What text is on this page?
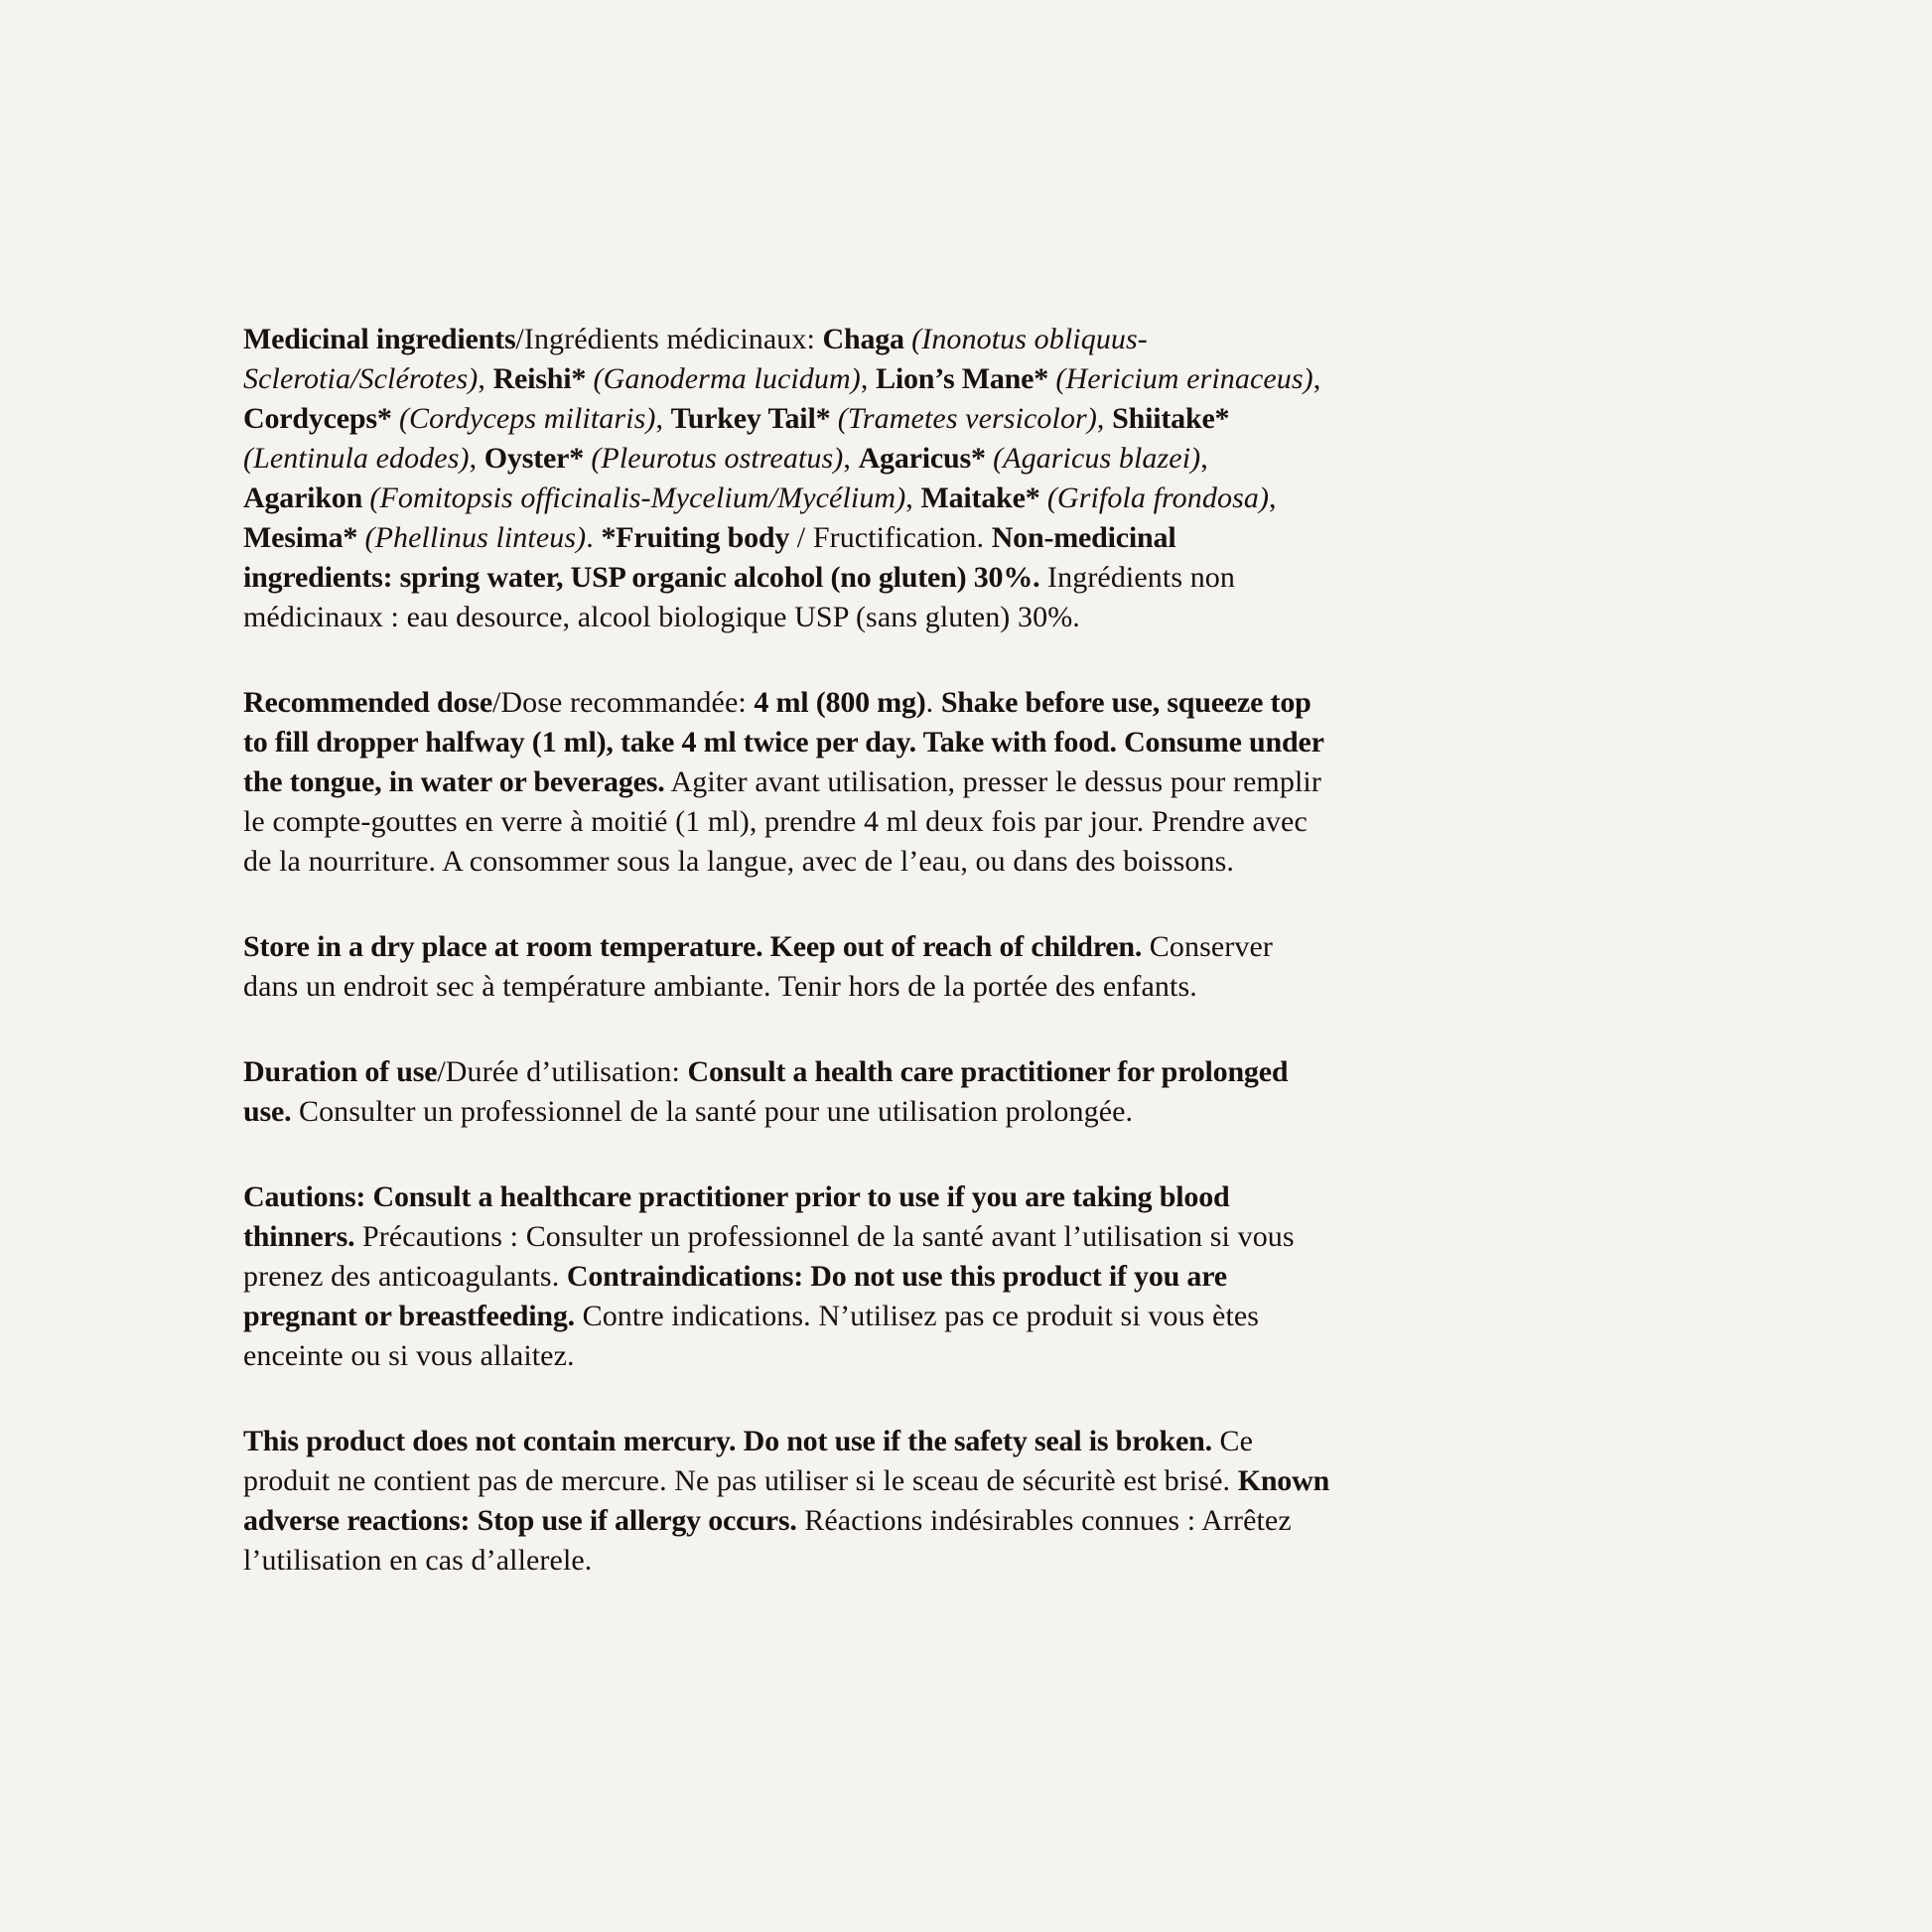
Medicinal ingredients/Ingrédients médicinaux: Chaga (Inonotus obliquus-Sclerotia/Sclérotes), Reishi* (Ganoderma lucidum), Lion’s Mane* (Hericium erinaceus), Cordyceps* (Cordyceps militaris), Turkey Tail* (Trametes versicolor), Shiitake* (Lentinula edodes), Oyster* (Pleurotus ostreatus), Agaricus* (Agaricus blazei), Agarikon (Fomitopsis officinalis-Mycelium/Mycélium), Maitake* (Grifola frondosa), Mesima* (Phellinus linteus). *Fruiting body / Fructification. Non-medicinal ingredients: spring water, USP organic alcohol (no gluten) 30%. Ingrédients non médicinaux : eau desource, alcool biologique USP (sans gluten) 30%.

Recommended dose/Dose recommandée: 4 ml (800 mg). Shake before use, squeeze top to fill dropper halfway (1 ml), take 4 ml twice per day. Take with food. Consume under the tongue, in water or beverages. Agiter avant utilisation, presser le dessus pour remplir le compte-gouttes en verre à moitié (1 ml), prendre 4 ml deux fois par jour. Prendre avec de la nourriture. A consommer sous la langue, avec de l’eau, ou dans des boissons.

Store in a dry place at room temperature. Keep out of reach of children. Conserver dans un endroit sec à température ambiante. Tenir hors de la portée des enfants.

Duration of use/Durée d’utilisation: Consult a health care practitioner for prolonged use. Consulter un professionnel de la santé pour une utilisation prolongée.

Cautions: Consult a healthcare practitioner prior to use if you are taking blood thinners. Précautions : Consulter un professionnel de la santé avant l’utilisation si vous prenez des anticoagulants. Contraindications: Do not use this product if you are pregnant or breastfeeding. Contre indications. N’utilisez pas ce produit si vous ètes enceinte ou si vous allaitez.

This product does not contain mercury. Do not use if the safety seal is broken. Ce produit ne contient pas de mercure. Ne pas utiliser si le sceau de sécuritè est brisé. Known adverse reactions: Stop use if allergy occurs. Réactions indésirables connues : Arrêtez l’utilisation en cas d’allerele.
